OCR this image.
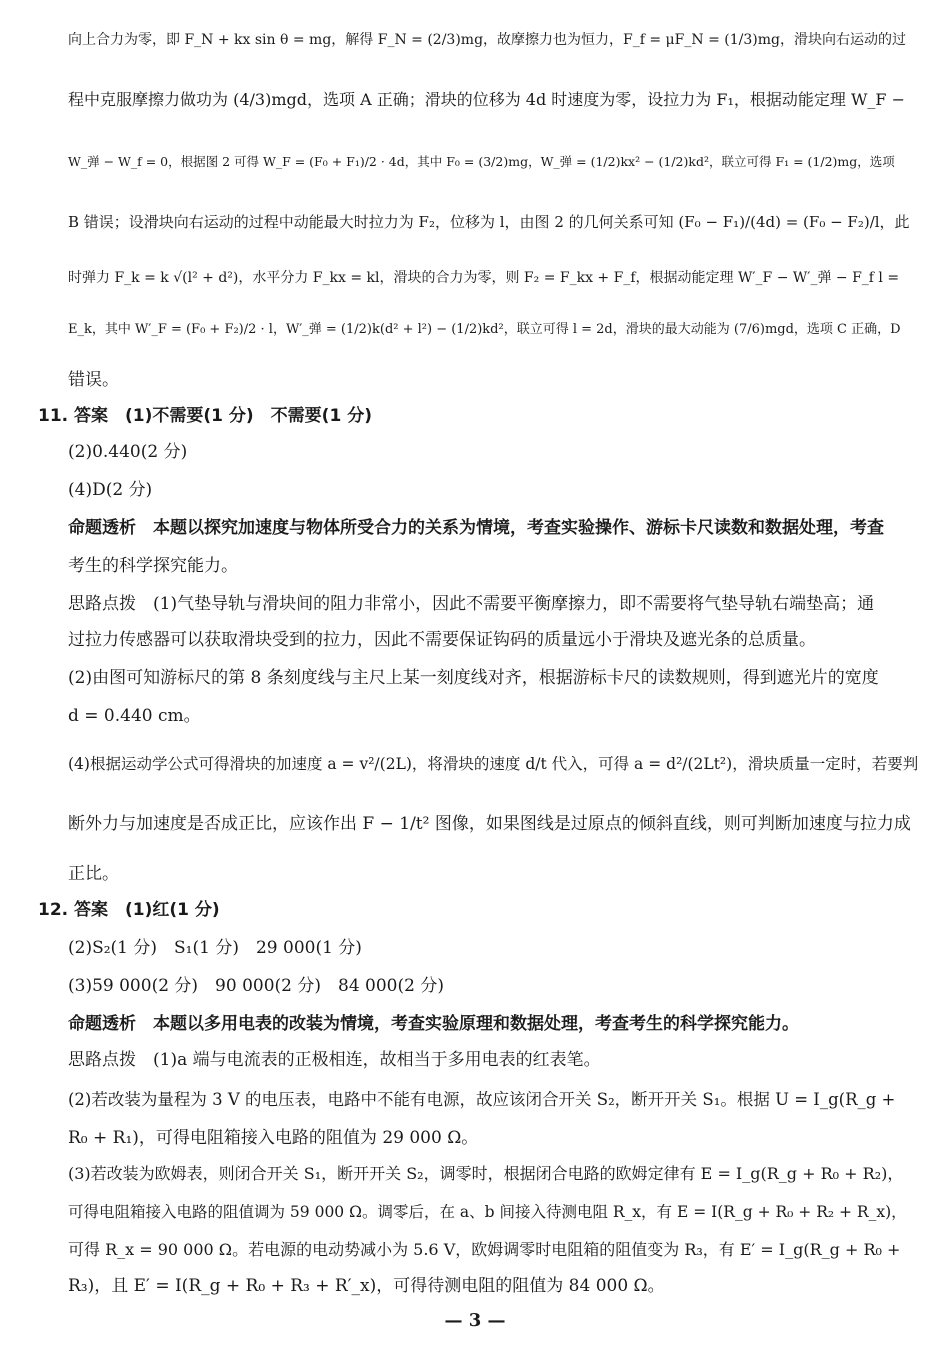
向上合力为零，即 F_N + kx sin θ = mg，解得 F_N = (2/3)mg，故摩擦力也为恒力，F_f = μF_N = (1/3)mg，滑块向右运动的过
程中克服摩擦力做功为 (4/3)mgd，选项 A 正确；滑块的位移为 4d 时速度为零，设拉力为 F₁，根据动能定理 W_F −
W_弹 − W_f = 0，根据图 2 可得 W_F = (F₀ + F₁)/2 · 4d，其中 F₀ = (3/2)mg，W_弹 = (1/2)kx² − (1/2)kd²，联立可得 F₁ = (1/2)mg，选项
B 错误；设滑块向右运动的过程中动能最大时拉力为 F₂，位移为 l，由图 2 的几何关系可知 (F₀ − F₁)/(4d) = (F₀ − F₂)/l，此
时弹力 F_k = k √(l² + d²)，水平分力 F_kx = kl，滑块的合力为零，则 F₂ = F_kx + F_f，根据动能定理 W′_F − W′_弹 − F_f l =
E_k，其中 W′_F = (F₀ + F₂)/2 · l，W′_弹 = (1/2)k(d² + l²) − (1/2)kd²，联立可得 l = 2d，滑块的最大动能为 (7/6)mgd，选项 C 正确，D
错误。
11. 答案　(1)不需要(1 分)　不需要(1 分)
(2)0.440(2 分)
(4)D(2 分)
命题透析　本题以探究加速度与物体所受合力的关系为情境，考查实验操作、游标卡尺读数和数据处理，考查
考生的科学探究能力。
思路点拨　(1)气垫导轨与滑块间的阻力非常小，因此不需要平衡摩擦力，即不需要将气垫导轨右端垫高；通
过拉力传感器可以获取滑块受到的拉力，因此不需要保证钩码的质量远小于滑块及遮光条的总质量。
(2)由图可知游标尺的第 8 条刻度线与主尺上某一刻度线对齐，根据游标卡尺的读数规则，得到遮光片的宽度
d = 0.440 cm。
(4)根据运动学公式可得滑块的加速度 a = v²/(2L)，将滑块的速度 d/t 代入，可得 a = d²/(2Lt²)，滑块质量一定时，若要判
断外力与加速度是否成正比，应该作出 F − 1/t² 图像，如果图线是过原点的倾斜直线，则可判断加速度与拉力成
正比。
12. 答案　(1)红(1 分)
(2)S₂(1 分)　S₁(1 分)　29 000(1 分)
(3)59 000(2 分)　90 000(2 分)　84 000(2 分)
命题透析　本题以多用电表的改装为情境，考查实验原理和数据处理，考查考生的科学探究能力。
思路点拨　(1)a 端与电流表的正极相连，故相当于多用电表的红表笔。
(2)若改装为量程为 3 V 的电压表，电路中不能有电源，故应该闭合开关 S₂，断开开关 S₁。根据 U = I_g(R_g +
R₀ + R₁)，可得电阻箱接入电路的阻值为 29 000 Ω。
(3)若改装为欧姆表，则闭合开关 S₁，断开开关 S₂，调零时，根据闭合电路的欧姆定律有 E = I_g(R_g + R₀ + R₂)，
可得电阻箱接入电路的阻值调为 59 000 Ω。调零后，在 a、b 间接入待测电阻 R_x，有 E = I(R_g + R₀ + R₂ + R_x)，
可得 R_x = 90 000 Ω。若电源的电动势减小为 5.6 V，欧姆调零时电阻箱的阻值变为 R₃，有 E′ = I_g(R_g + R₀ +
R₃)，且 E′ = I(R_g + R₀ + R₃ + R′_x)，可得待测电阻的阻值为 84 000 Ω。
— 3 —
